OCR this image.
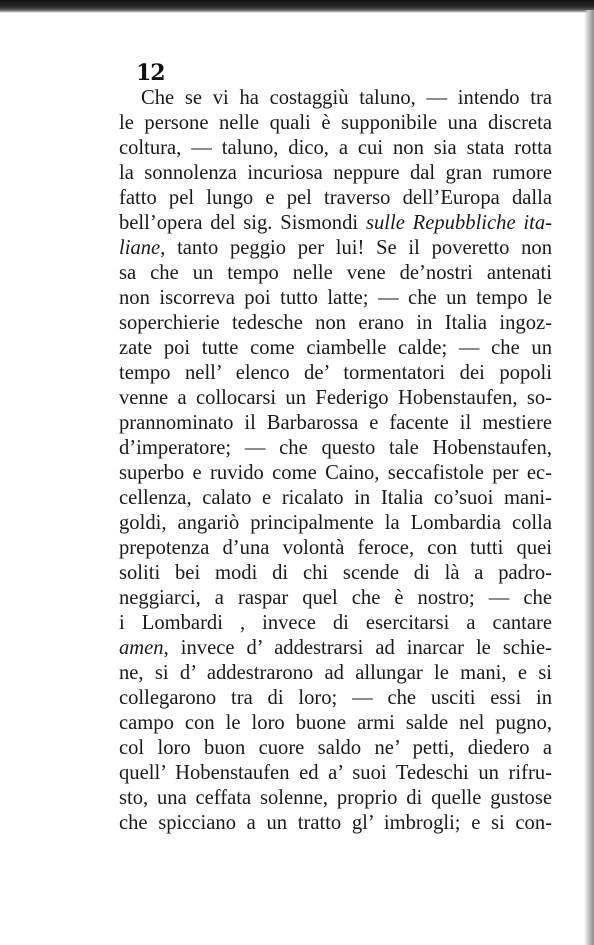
12
Che se vi ha costaggiù taluno, — intendo tra
le persone nelle quali è supponibile una discreta
coltura, — taluno, dico, a cui non sia stata rotta
la sonnolenza incuriosa neppure dal gran rumore
fatto pel lungo e pel traverso dell’Europa dalla
bell’opera del sig. Sismondi sulle Repubbliche ita-
liane, tanto peggio per lui! Se il poveretto non
sa che un tempo nelle vene de’nostri antenati
non iscorreva poi tutto latte; — che un tempo le
soperchierie tedesche non erano in Italia ingoz-
zate poi tutte come ciambelle calde; — che un
tempo nell’ elenco de’ tormentatori dei popoli
venne a collocarsi un Federigo Hobenstaufen, so-
prannominato il Barbarossa e facente il mestiere
d’imperatore; — che questo tale Hobenstaufen,
superbo e ruvido come Caino, seccafistole per ec-
cellenza, calato e ricalato in Italia co’suoi mani-
goldi, angariò principalmente la Lombardia colla
prepotenza d’una volontà feroce, con tutti quei
soliti bei modi di chi scende di là a padro-
neggiarci, a raspar quel che è nostro; — che
i Lombardi , invece di esercitarsi a cantare
amen, invece d’ addestrarsi ad inarcar le schie-
ne, si d’ addestrarono ad allungar le mani, e si
collegarono tra di loro; — che usciti essi in
campo con le loro buone armi salde nel pugno,
col loro buon cuore saldo ne’ petti, diedero a
quell’ Hobenstaufen ed a’ suoi Tedeschi un rifru-
sto, una ceffata solenne, proprio di quelle gustose
che spicciano a un tratto gl’ imbrogli; e si con-
